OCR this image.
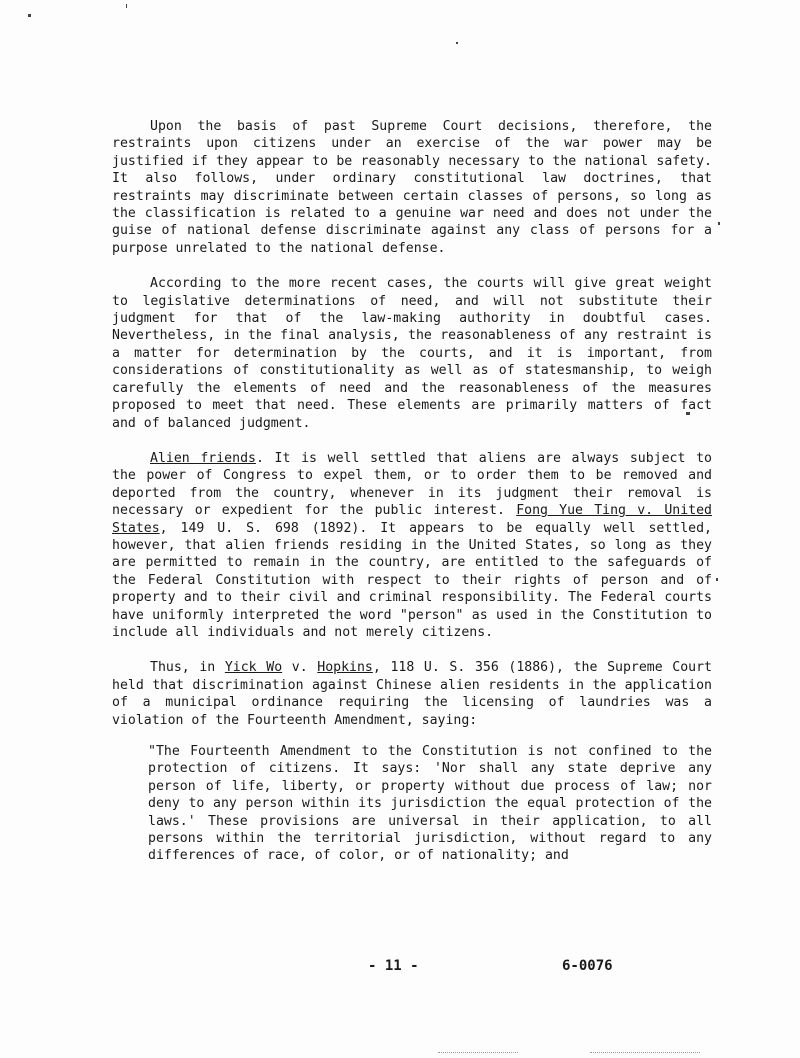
Upon the basis of past Supreme Court decisions, therefore, the restraints upon citizens under an exercise of the war power may be justified if they appear to be reasonably necessary to the national safety. It also follows, under ordinary constitutional law doctrines, that restraints may discriminate between certain classes of persons, so long as the classification is related to a genuine war need and does not under the guise of national defense discriminate against any class of persons for a purpose unrelated to the national defense.

According to the more recent cases, the courts will give great weight to legislative determinations of need, and will not substitute their judgment for that of the law-making authority in doubtful cases. Nevertheless, in the final analysis, the reasonableness of any restraint is a matter for determination by the courts, and it is important, from considerations of constitutionality as well as of statesmanship, to weigh carefully the elements of need and the reasonableness of the measures proposed to meet that need. These elements are primarily matters of fact and of balanced judgment.

Alien friends. It is well settled that aliens are always subject to the power of Congress to expel them, or to order them to be removed and deported from the country, whenever in its judgment their removal is necessary or expedient for the public interest. Fong Yue Ting v. United States, 149 U. S. 698 (1892). It appears to be equally well settled, however, that alien friends residing in the United States, so long as they are permitted to remain in the country, are entitled to the safeguards of the Federal Constitution with respect to their rights of person and of property and to their civil and criminal responsibility. The Federal courts have uniformly interpreted the word "person" as used in the Constitution to include all individuals and not merely citizens.

Thus, in Yick Wo v. Hopkins, 118 U. S. 356 (1886), the Supreme Court held that discrimination against Chinese alien residents in the application of a municipal ordinance requiring the licensing of laundries was a violation of the Fourteenth Amendment, saying:

"The Fourteenth Amendment to the Constitution is not confined to the protection of citizens. It says: 'Nor shall any state deprive any person of life, liberty, or property without due process of law; nor deny to any person within its jurisdiction the equal protection of the laws.' These provisions are universal in their application, to all persons within the territorial jurisdiction, without regard to any differences of race, of color, or of nationality; and

- 11 -	6-0076
